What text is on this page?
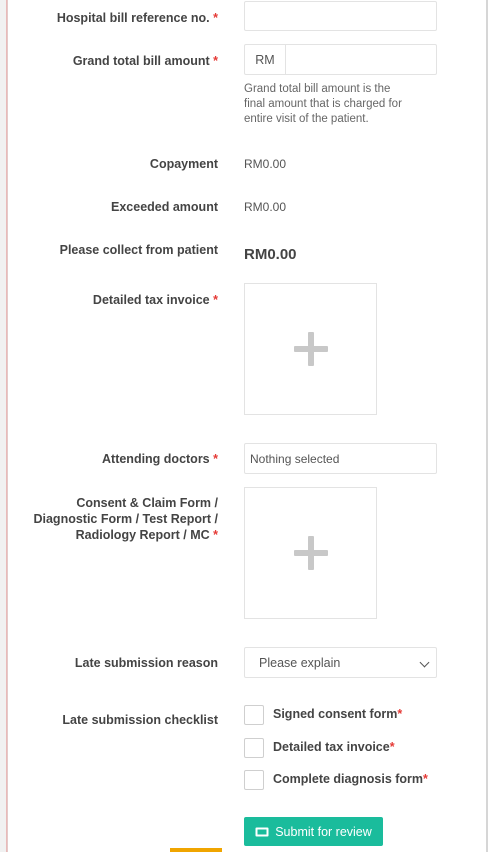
Hospital bill reference no. *
Grand total bill amount *	RM
Grand total bill amount is the final amount that is charged for entire visit of the patient.
Copayment RM0.00
Exceeded amount RM0.00
Please collect from patient RM0.00
Detailed tax invoice *
Attending doctors *	Nothing selected
Consent & Claim Form /
Diagnostic Form / Test Report /
Radiology Report / MC *
Late submission reason	Please explain
Late submission checklist	Signed consent form*
Detailed tax invoice*
Complete diagnosis form*
Submit for review
